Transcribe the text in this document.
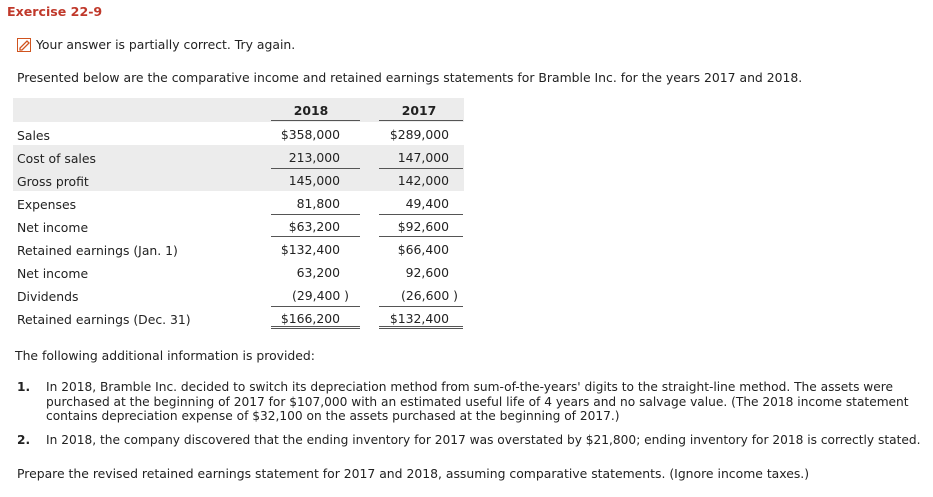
Exercise 22-9
Your answer is partially correct. Try again.
Presented below are the comparative income and retained earnings statements for Bramble Inc. for the years 2017 and 2018.
2018	2017
Sales	$358,000	$289,000
Cost of sales	213,000	147,000
Gross profit	145,000	142,000
Expenses	81,800	49,400
Net income	$63,200	$92,600
Retained earnings (Jan. 1)	$132,400	$66,400
Net income	63,200	92,600
Dividends	(29,400 )	(26,600 )
Retained earnings (Dec. 31)	$166,200	$132,400
The following additional information is provided:
1. In 2018, Bramble Inc. decided to switch its depreciation method from sum-of-the-years' digits to the straight-line method. The assets were purchased at the beginning of 2017 for $107,000 with an estimated useful life of 4 years and no salvage value. (The 2018 income statement contains depreciation expense of $32,100 on the assets purchased at the beginning of 2017.)
2. In 2018, the company discovered that the ending inventory for 2017 was overstated by $21,800; ending inventory for 2018 is correctly stated.
Prepare the revised retained earnings statement for 2017 and 2018, assuming comparative statements. (Ignore income taxes.)
